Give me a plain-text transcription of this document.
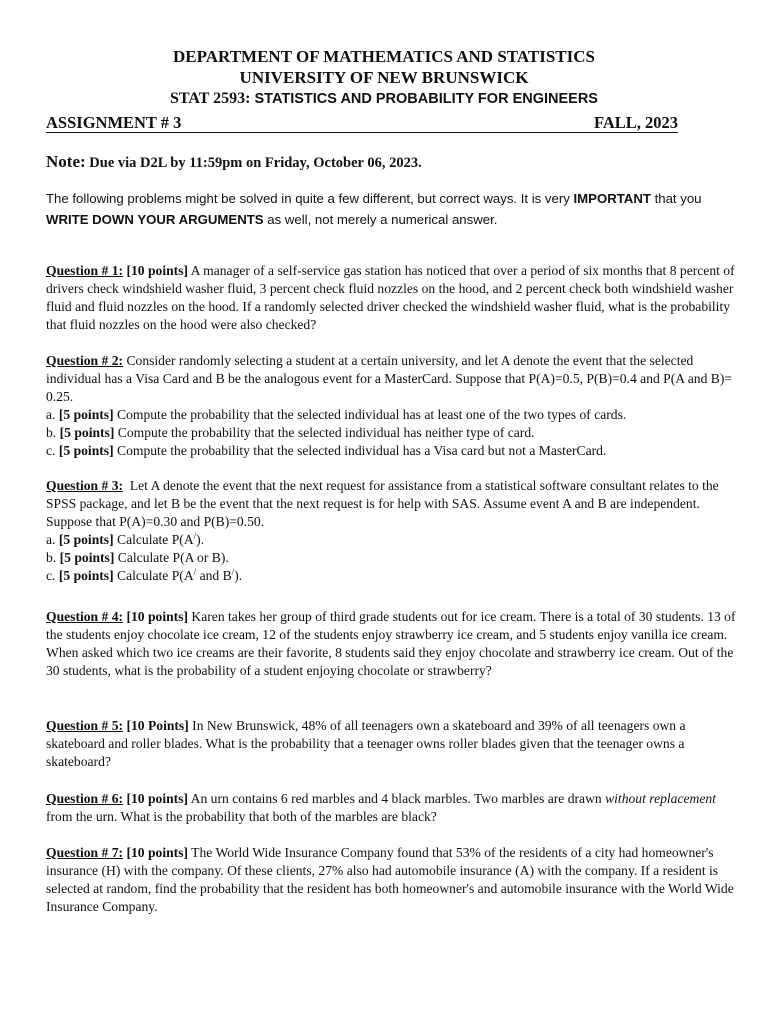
DEPARTMENT OF MATHEMATICS AND STATISTICS
UNIVERSITY OF NEW BRUNSWICK
STAT 2593: STATISTICS AND PROBABILITY FOR ENGINEERS
ASSIGNMENT # 3	FALL, 2023
Note: Due via D2L by 11:59pm on Friday, October 06, 2023.
The following problems might be solved in quite a few different, but correct ways. It is very IMPORTANT that you WRITE DOWN YOUR ARGUMENTS as well, not merely a numerical answer.

Question # 1: [10 points] A manager of a self-service gas station has noticed that over a period of six months that 8 percent of drivers check windshield washer fluid, 3 percent check fluid nozzles on the hood, and 2 percent check both windshield washer fluid and fluid nozzles on the hood. If a randomly selected driver checked the windshield washer fluid, what is the probability that fluid nozzles on the hood were also checked?

Question # 2: Consider randomly selecting a student at a certain university, and let A denote the event that the selected individual has a Visa Card and B be the analogous event for a MasterCard. Suppose that P(A)=0.5, P(B)=0.4 and P(A and B)= 0.25.

a. [5 points] Compute the probability that the selected individual has at least one of the two types of cards.

b. [5 points] Compute the probability that the selected individual has neither type of card.

c. [5 points] Compute the probability that the selected individual has a Visa card but not a MasterCard.

Question # 3: Let A denote the event that the next request for assistance from a statistical software consultant relates to the SPSS package, and let B be the event that the next request is for help with SAS. Assume event A and B are independent. Suppose that P(A)=0.30 and P(B)=0.50.

a. [5 points] Calculate P(A/).

b. [5 points] Calculate P(A or B).

c. [5 points] Calculate P(A/ and B/).

Question # 4: [10 points] Karen takes her group of third grade students out for ice cream. There is a total of 30 students. 13 of the students enjoy chocolate ice cream, 12 of the students enjoy strawberry ice cream, and 5 students enjoy vanilla ice cream. When asked which two ice creams are their favorite, 8 students said they enjoy chocolate and strawberry ice cream. Out of the 30 students, what is the probability of a student enjoying chocolate or strawberry?

Question # 5: [10 Points] In New Brunswick, 48% of all teenagers own a skateboard and 39% of all teenagers own a skateboard and roller blades. What is the probability that a teenager owns roller blades given that the teenager owns a skateboard?

Question # 6: [10 points] An urn contains 6 red marbles and 4 black marbles. Two marbles are drawn without replacement from the urn. What is the probability that both of the marbles are black?

Question # 7: [10 points] The World Wide Insurance Company found that 53% of the residents of a city had homeowner's insurance (H) with the company. Of these clients, 27% also had automobile insurance (A) with the company. If a resident is selected at random, find the probability that the resident has both homeowner's and automobile insurance with the World Wide Insurance Company.
